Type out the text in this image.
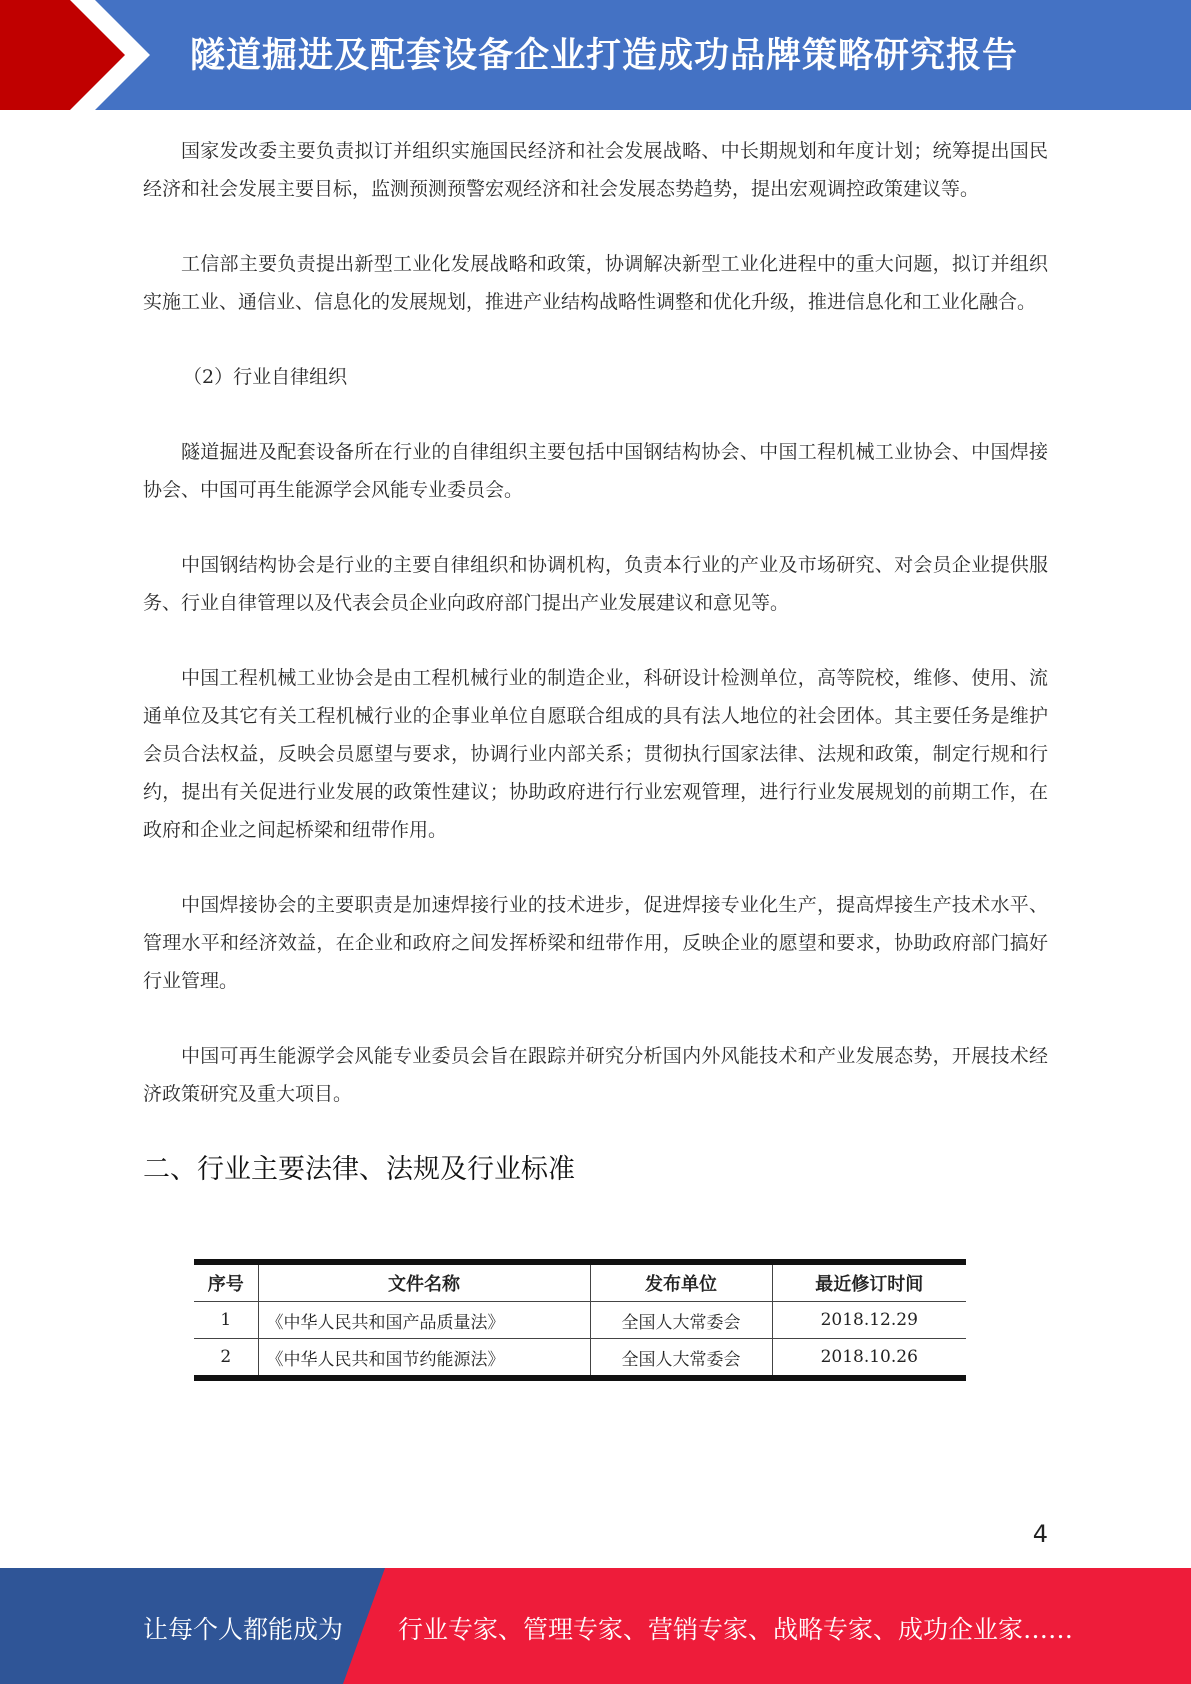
隧道掘进及配套设备企业打造成功品牌策略研究报告

国家发改委主要负责拟订并组织实施国民经济和社会发展战略、中长期规划和年度计划；统筹提出国民经济和社会发展主要目标，监测预测预警宏观经济和社会发展态势趋势，提出宏观调控政策建议等。

工信部主要负责提出新型工业化发展战略和政策，协调解决新型工业化进程中的重大问题，拟订并组织实施工业、通信业、信息化的发展规划，推进产业结构战略性调整和优化升级，推进信息化和工业化融合。

（2）行业自律组织

隧道掘进及配套设备所在行业的自律组织主要包括中国钢结构协会、中国工程机械工业协会、中国焊接协会、中国可再生能源学会风能专业委员会。

中国钢结构协会是行业的主要自律组织和协调机构，负责本行业的产业及市场研究、对会员企业提供服务、行业自律管理以及代表会员企业向政府部门提出产业发展建议和意见等。

中国工程机械工业协会是由工程机械行业的制造企业，科研设计检测单位，高等院校，维修、使用、流通单位及其它有关工程机械行业的企事业单位自愿联合组成的具有法人地位的社会团体。其主要任务是维护会员合法权益，反映会员愿望与要求，协调行业内部关系；贯彻执行国家法律、法规和政策，制定行规和行约，提出有关促进行业发展的政策性建议；协助政府进行行业宏观管理，进行行业发展规划的前期工作，在政府和企业之间起桥梁和纽带作用。

中国焊接协会的主要职责是加速焊接行业的技术进步，促进焊接专业化生产，提高焊接生产技术水平、管理水平和经济效益，在企业和政府之间发挥桥梁和纽带作用，反映企业的愿望和要求，协助政府部门搞好行业管理。

中国可再生能源学会风能专业委员会旨在跟踪并研究分析国内外风能技术和产业发展态势，开展技术经济政策研究及重大项目。

二、行业主要法律、法规及行业标准
序号	文件名称	发布单位	最近修订时间
1	《中华人民共和国产品质量法》	全国人大常委会	2018.12.29
2	《中华人民共和国节约能源法》	全国人大常委会	2018.10.26
4
让每个人都能成为 行业专家、管理专家、营销专家、战略专家、成功企业家……
